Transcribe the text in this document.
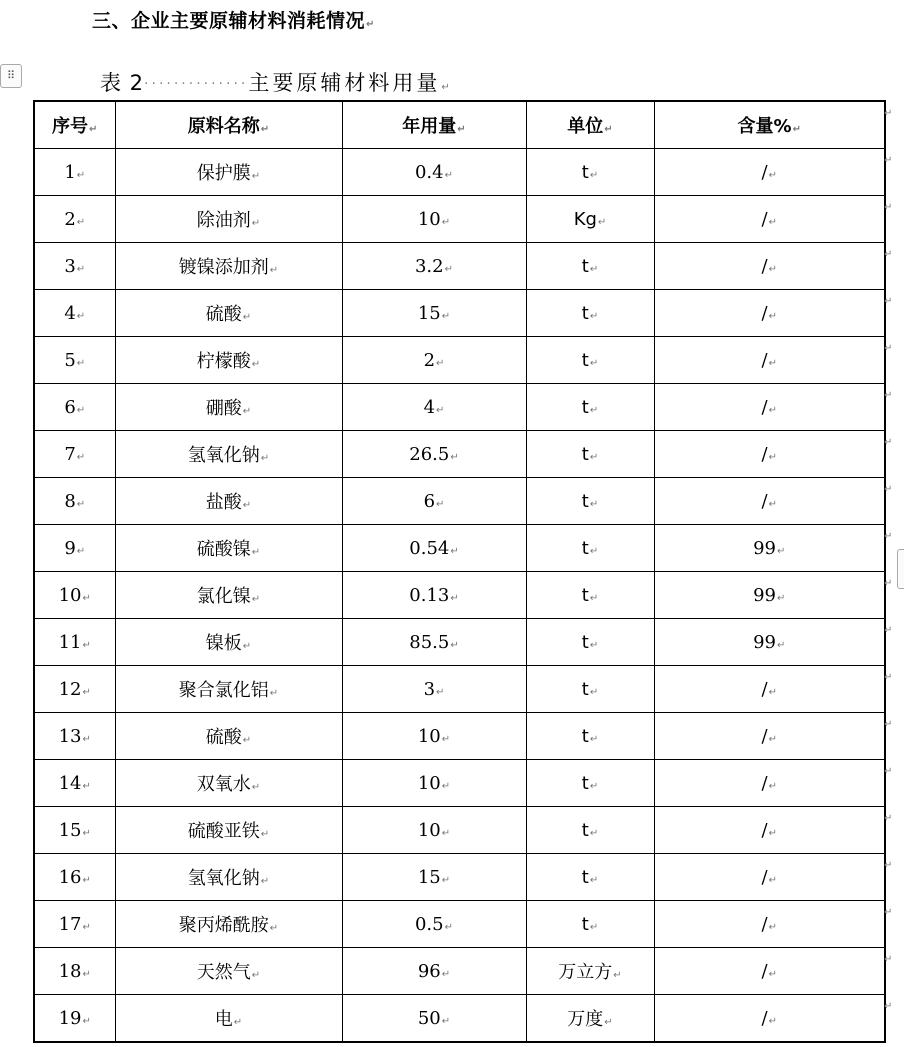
三、企业主要原辅材料消耗情况↵
⠿	表 2··············主要原辅材料用量↵
序号↵	原料名称↵	年用量↵	单位↵	含量%↵
1↵	保护膜↵	0.4↵	t↵	/↵
2↵	除油剂↵	10↵	Kg↵	/↵
3↵	镀镍添加剂↵	3.2↵	t↵	/↵
4↵	硫酸↵	15↵	t↵	/↵
5↵	柠檬酸↵	2↵	t↵	/↵
6↵	硼酸↵	4↵	t↵	/↵
7↵	氢氧化钠↵	26.5↵	t↵	/↵
8↵	盐酸↵	6↵	t↵	/↵
9↵	硫酸镍↵	0.54↵	t↵	99↵
10↵	氯化镍↵	0.13↵	t↵	99↵
11↵	镍板↵	85.5↵	t↵	99↵
12↵	聚合氯化铝↵	3↵	t↵	/↵
13↵	硫酸↵	10↵	t↵	/↵
14↵	双氧水↵	10↵	t↵	/↵
15↵	硫酸亚铁↵	10↵	t↵	/↵
16↵	氢氧化钠↵	15↵	t↵	/↵
17↵	聚丙烯酰胺↵	0.5↵	t↵	/↵
18↵	天然气↵	96↵	万立方↵	/↵
19↵	电↵	50↵	万度↵	/↵
↵
↵
↵
↵
↵
↵
↵
↵
↵
↵
↵
↵
↵
↵
↵
↵
↵
↵
↵
↵
